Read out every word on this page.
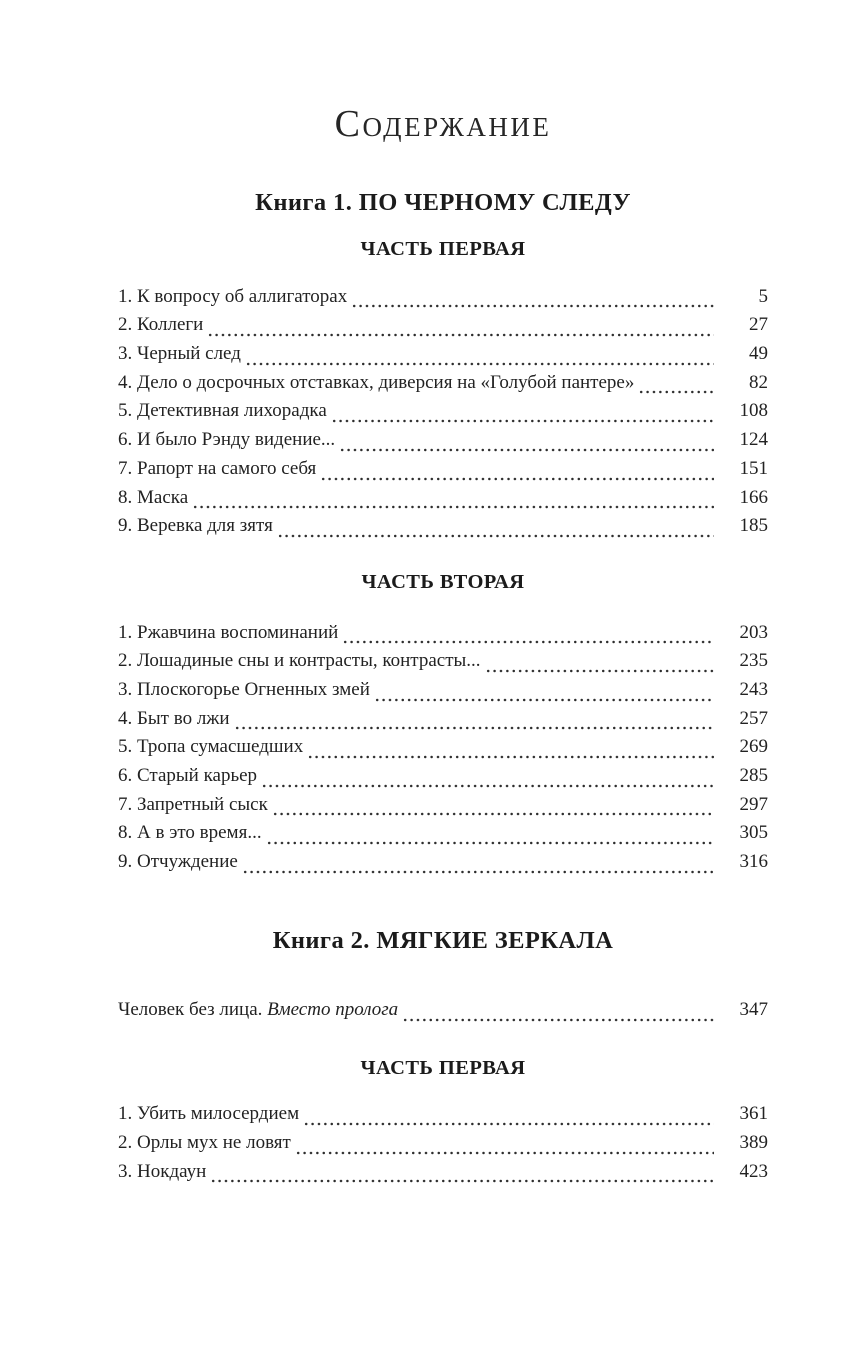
Содержание
Книга 1. ПО ЧЕРНОМУ СЛЕДУ
ЧАСТЬ ПЕРВАЯ
1. К вопросу об аллигаторах	5
2. Коллеги	27
3. Черный след	49
4. Дело о досрочных отставках, диверсия на «Голубой пантере»	82
5. Детективная лихорадка	108
6. И было Рэнду видение...	124
7. Рапорт на самого себя	151
8. Маска	166
9. Веревка для зятя	185
ЧАСТЬ ВТОРАЯ
1. Ржавчина воспоминаний	203
2. Лошадиные сны и контрасты, контрасты...	235
3. Плоскогорье Огненных змей	243
4. Быт во лжи	257
5. Тропа сумасшедших	269
6. Старый карьер	285
7. Запретный сыск	297
8. А в это время...	305
9. Отчуждение	316
Книга 2. МЯГКИЕ ЗЕРКАЛА
Человек без лица. Вместо пролога	347
ЧАСТЬ ПЕРВАЯ
1. Убить милосердием	361
2. Орлы мух не ловят	389
3. Нокдаун	423
